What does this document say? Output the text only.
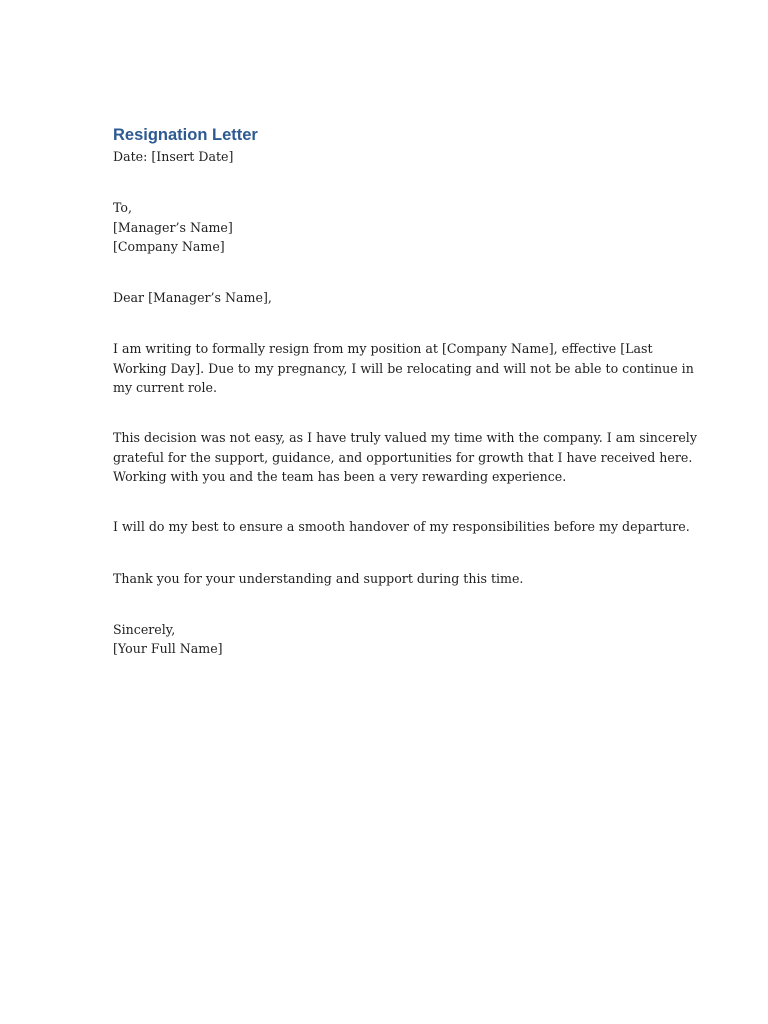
Resignation Letter
Date: [Insert Date]
To,
[Manager’s Name]
[Company Name]
Dear [Manager’s Name],
I am writing to formally resign from my position at [Company Name], effective [Last
Working Day]. Due to my pregnancy, I will be relocating and will not be able to continue in
my current role.
This decision was not easy, as I have truly valued my time with the company. I am sincerely
grateful for the support, guidance, and opportunities for growth that I have received here.
Working with you and the team has been a very rewarding experience.
I will do my best to ensure a smooth handover of my responsibilities before my departure.
Thank you for your understanding and support during this time.
Sincerely,
[Your Full Name]
